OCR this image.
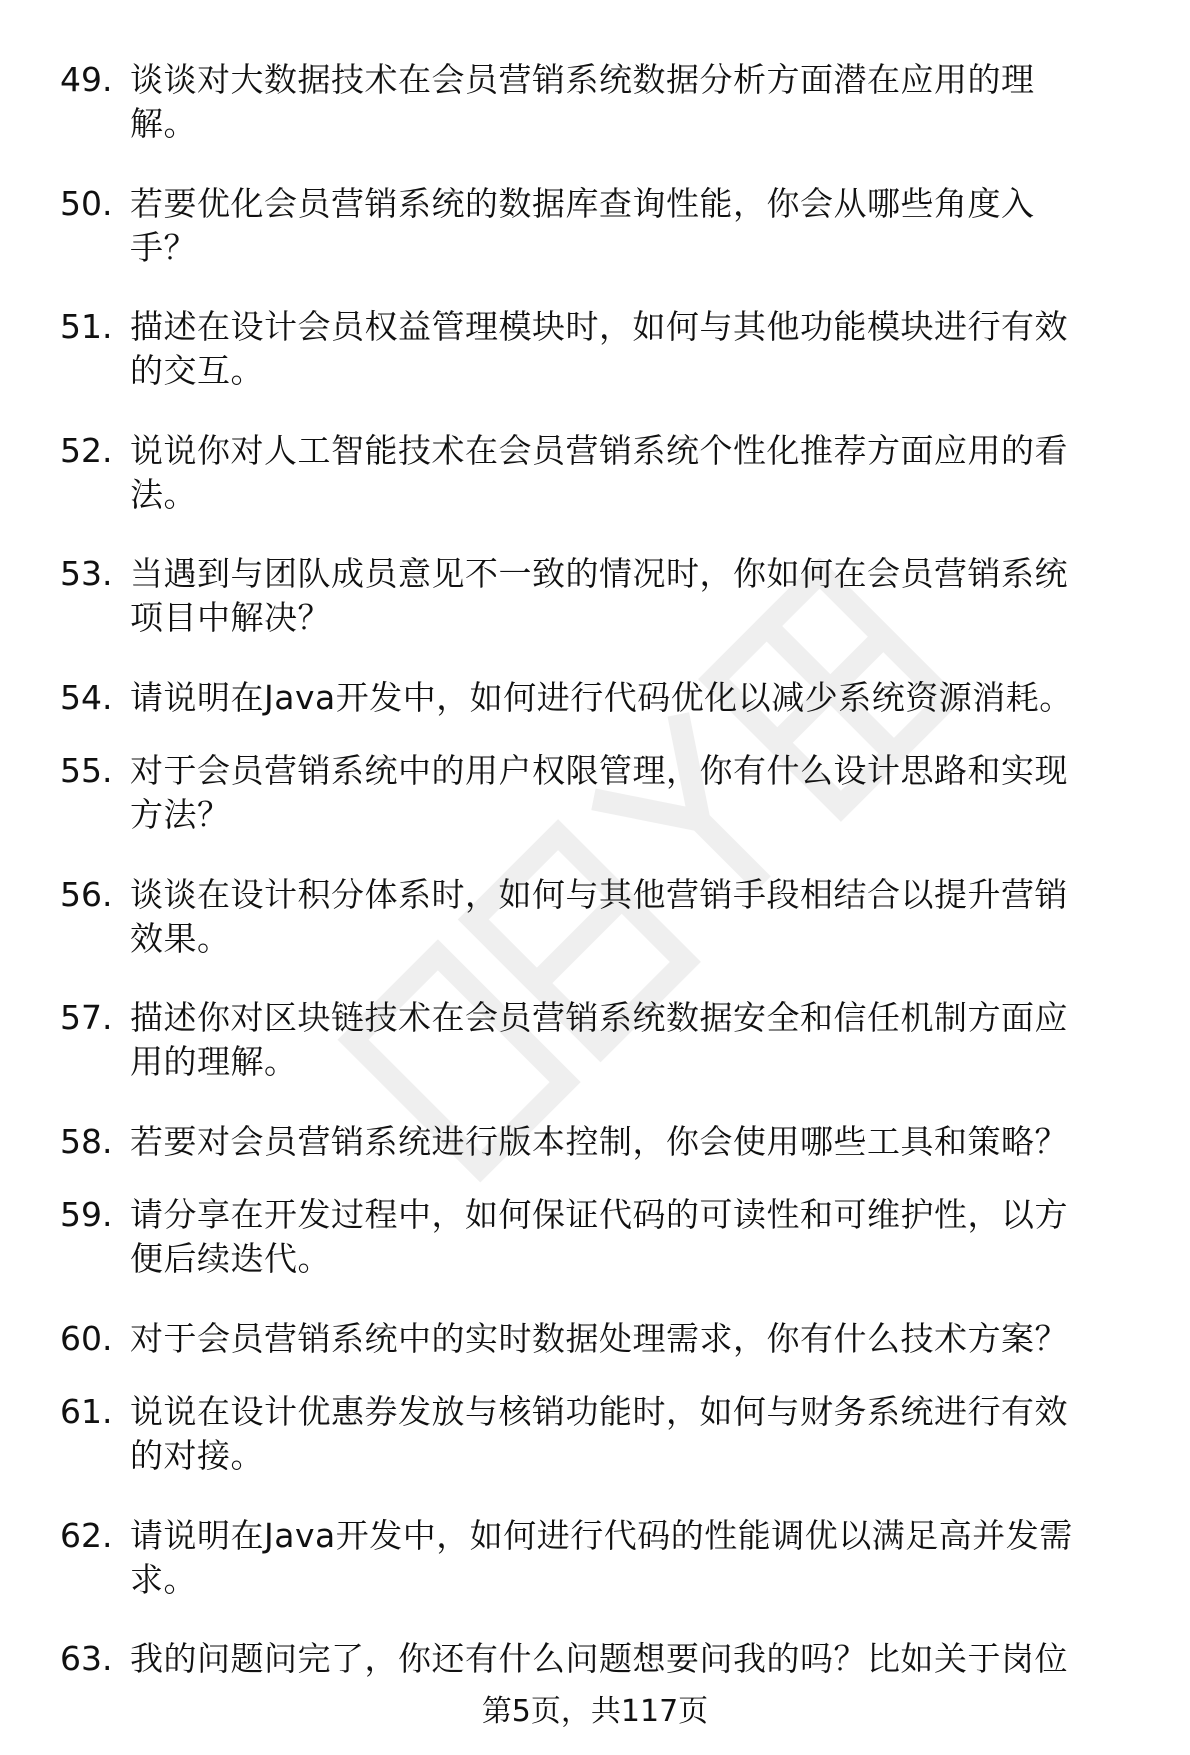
49. 谈谈对大数据技术在会员营销系统数据分析方面潜在应用的理
解。
50. 若要优化会员营销系统的数据库查询性能，你会从哪些角度入
手？
51. 描述在设计会员权益管理模块时，如何与其他功能模块进行有效
的交互。
52. 说说你对人工智能技术在会员营销系统个性化推荐方面应用的看
法。
53. 当遇到与团队成员意见不一致的情况时，你如何在会员营销系统
项目中解决？
54. 请说明在Java开发中，如何进行代码优化以减少系统资源消耗。
55. 对于会员营销系统中的用户权限管理，你有什么设计思路和实现
方法？
56. 谈谈在设计积分体系时，如何与其他营销手段相结合以提升营销
效果。
57. 描述你对区块链技术在会员营销系统数据安全和信任机制方面应
用的理解。
58. 若要对会员营销系统进行版本控制，你会使用哪些工具和策略？
59. 请分享在开发过程中，如何保证代码的可读性和可维护性，以方
便后续迭代。
60. 对于会员营销系统中的实时数据处理需求，你有什么技术方案？
61. 说说在设计优惠券发放与核销功能时，如何与财务系统进行有效
的对接。
62. 请说明在Java开发中，如何进行代码的性能调优以满足高并发需
求。
63. 我的问题问完了，你还有什么问题想要问我的吗？比如关于岗位
第5页，共117页
